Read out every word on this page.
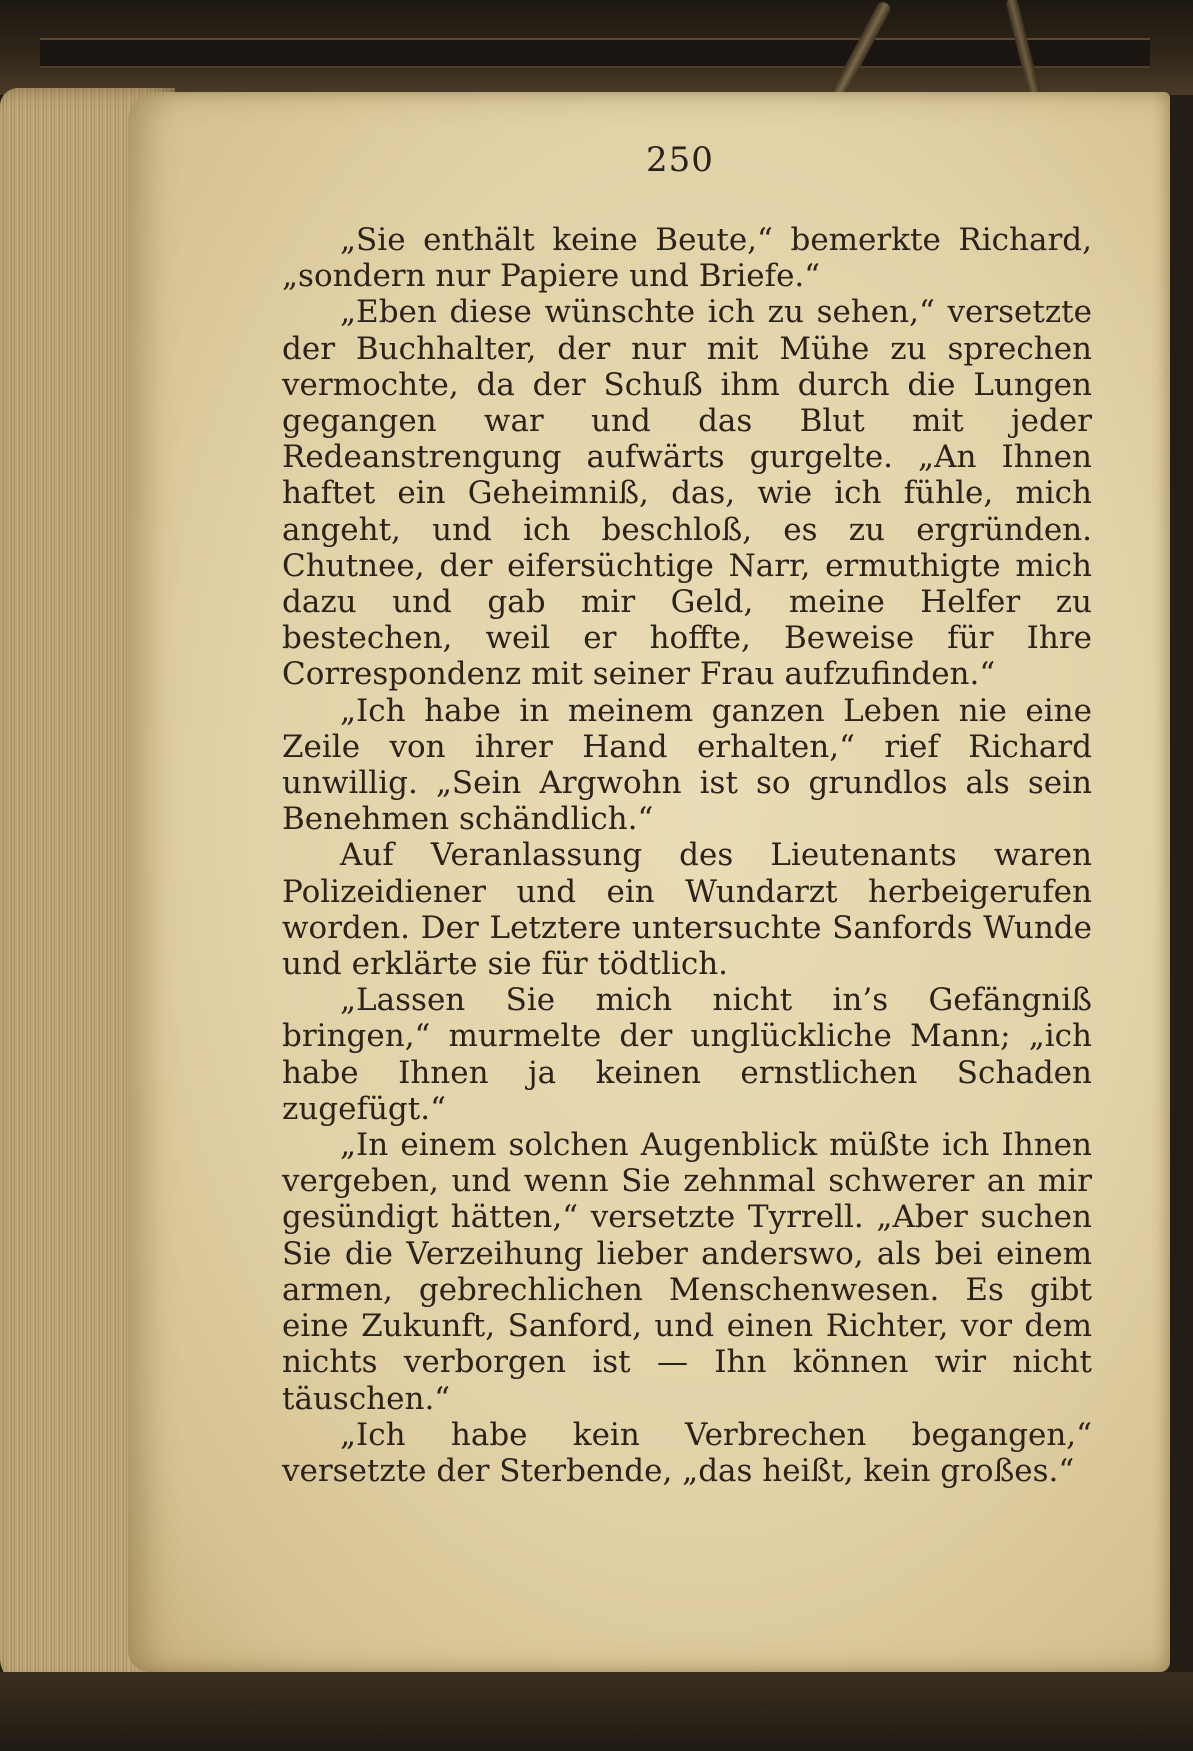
250

„Sie enthält keine Beute,“ bemerkte Richard, „sondern nur Papiere und Briefe.“

„Eben diese wünschte ich zu sehen,“ versetzte der Buchhalter, der nur mit Mühe zu sprechen vermochte, da der Schuß ihm durch die Lungen gegangen war und das Blut mit jeder Redeanstrengung aufwärts gurgelte. „An Ihnen haftet ein Geheimniß, das, wie ich fühle, mich angeht, und ich beschloß, es zu ergründen. Chutnee, der eifersüchtige Narr, ermuthigte mich dazu und gab mir Geld, meine Helfer zu bestechen, weil er hoffte, Beweise für Ihre Correspondenz mit seiner Frau aufzufinden.“

„Ich habe in meinem ganzen Leben nie eine Zeile von ihrer Hand erhalten,“ rief Richard unwillig. „Sein Argwohn ist so grundlos als sein Benehmen schändlich.“

Auf Veranlassung des Lieutenants waren Polizeidiener und ein Wundarzt herbeigerufen worden. Der Letztere untersuchte Sanfords Wunde und erklärte sie für tödtlich.

„Lassen Sie mich nicht in’s Gefängniß bringen,“ murmelte der unglückliche Mann; „ich habe Ihnen ja keinen ernstlichen Schaden zugefügt.“

„In einem solchen Augenblick müßte ich Ihnen vergeben, und wenn Sie zehnmal schwerer an mir gesündigt hätten,“ versetzte Tyrrell. „Aber suchen Sie die Verzeihung lieber anderswo, als bei einem armen, gebrechlichen Menschenwesen. Es gibt eine Zukunft, Sanford, und einen Richter, vor dem nichts verborgen ist — Ihn können wir nicht täuschen.“

„Ich habe kein Verbrechen begangen,“ versetzte der Sterbende, „das heißt, kein großes.“
